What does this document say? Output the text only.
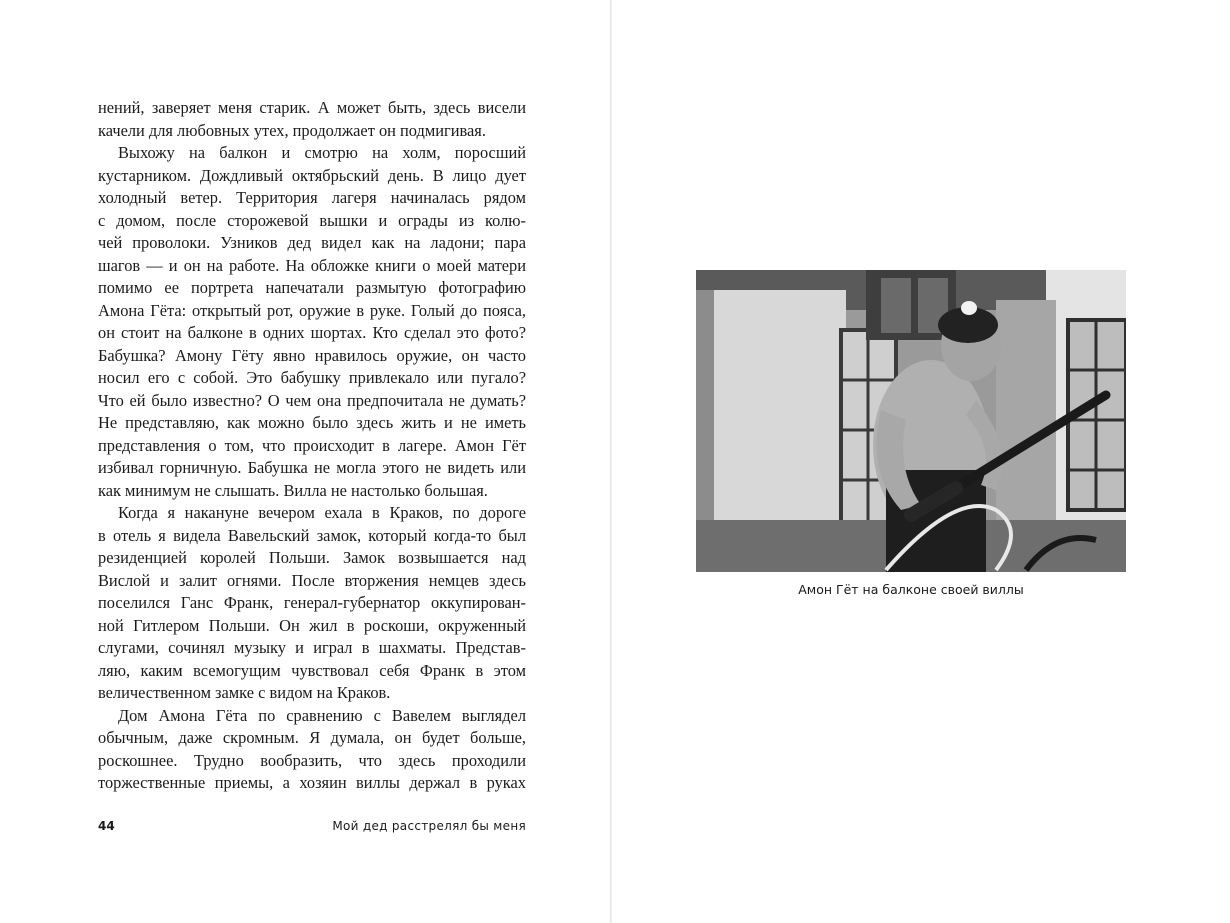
нений, заверяет меня старик. А может быть, здесь висели
качели для любовных утех, продолжает он подмигивая.
Выхожу на балкон и смотрю на холм, поросший
кустарником. Дождливый октябрьский день. В лицо дует
холодный ветер. Территория лагеря начиналась рядом
с домом, после сторожевой вышки и ограды из колю-
чей проволоки. Узников дед видел как на ладони; пара
шагов — и он на работе. На обложке книги о моей матери
помимо ее портрета напечатали размытую фотографию
Амона Гёта: открытый рот, оружие в руке. Голый до пояса,
он стоит на балконе в одних шортах. Кто сделал это фото?
Бабушка? Амону Гёту явно нравилось оружие, он часто
носил его с собой. Это бабушку привлекало или пугало?
Что ей было известно? О чем она предпочитала не думать?
Не представляю, как можно было здесь жить и не иметь
представления о том, что происходит в лагере. Амон Гёт
избивал горничную. Бабушка не могла этого не видеть или
как минимум не слышать. Вилла не настолько большая.
Когда я накануне вечером ехала в Краков, по дороге
в отель я видела Вавельский замок, который когда-то был
резиденцией королей Польши. Замок возвышается над
Вислой и залит огнями. После вторжения немцев здесь
поселился Ганс Франк, генерал-губернатор оккупирован-
ной Гитлером Польши. Он жил в роскоши, окруженный
слугами, сочинял музыку и играл в шахматы. Представ-
ляю, каким всемогущим чувствовал себя Франк в этом
величественном замке с видом на Краков.
Дом Амона Гёта по сравнению с Вавелем выглядел
обычным, даже скромным. Я думала, он будет больше,
роскошнее. Трудно вообразить, что здесь проходили
торжественные приемы, а хозяин виллы держал в руках
44	Мой дед расстрелял бы меня
Амон Гёт на балконе своей виллы
